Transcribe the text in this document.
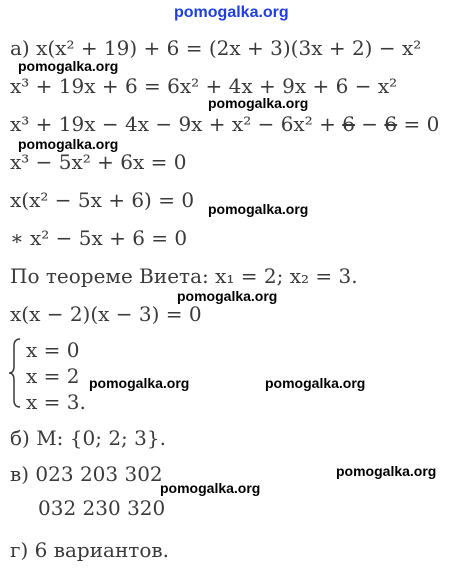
pomogalka.org
а) x(x² + 19) + 6 = (2x + 3)(3x + 2) − x²
pomogalka.org
x³ + 19x + 6 = 6x² + 4x + 9x + 6 − x²
pomogalka.org
x³ + 19x − 4x − 9x + x² − 6x² + 6 − 6 = 0
pomogalka.org
x³ − 5x² + 6x = 0
x(x² − 5x + 6) = 0 pomogalka.org
∗ x² − 5x + 6 = 0
По теореме Виета: x₁ = 2; x₂ = 3.
pomogalka.org
x(x − 2)(x − 3) = 0
x = 0
x = 2
x = 3.
pomogalka.org	pomogalka.org
б) M: {0; 2; 3}.
в) 023 203 302	pomogalka.org
pomogalka.org
032 230 320
г) 6 вариантов.
